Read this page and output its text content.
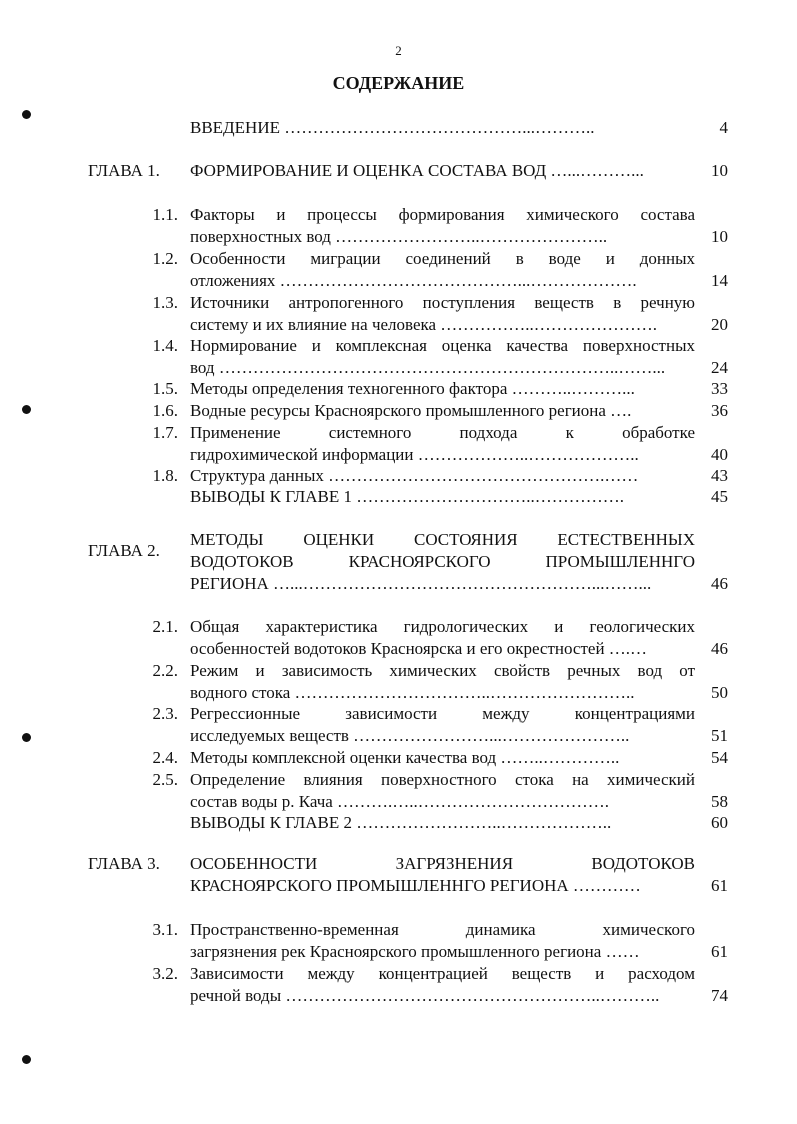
2
СОДЕРЖАНИЕ
ВВЕДЕНИЕ ……………………………………...………..	4
ГЛАВА 1. ФОРМИРОВАНИЕ И ОЦЕНКА СОСТАВА ВОД …...………...	10
1.1. Факторы и процессы формирования химического состава
поверхностных вод ……………………..…………………..	10
1.2. Особенности миграции соединений в воде и донных
отложениях ……………………………………...……………….	14
1.3. Источники антропогенного поступления веществ в речную
систему и их влияние на человека ……………..………………….	20
1.4. Нормирование и комплексная оценка качества поверхностных
вод ……………………………………………………………..……...	24
1.5. Методы определения техногенного фактора ………..………...	33
1.6. Водные ресурсы Красноярского промышленного региона ….	36
1.7. Применение системного подхода к обработке
гидрохимической информации ………………..………………..	40
1.8. Структура данных ………………………………………….……	43
ВЫВОДЫ К ГЛАВЕ 1 …………………………..…………….	45
ГЛАВА 2.
МЕТОДЫ ОЦЕНКИ СОСТОЯНИЯ ЕСТЕСТВЕННЫХ
ВОДОТОКОВ КРАСНОЯРСКОГО ПРОМЫШЛЕННГО
РЕГИОНА …...……………………………………………...……...	46
2.1. Общая характеристика гидрологических и геологических
особенностей водотоков Красноярска и его окрестностей ….…	46
2.2. Режим и зависимость химических свойств речных вод от
водного стока ……………………………..……………………..	50
2.3. Регрессионные зависимости между концентрациями
исследуемых веществ ……………………...…………………..	51
2.4. Методы комплексной оценки качества вод ……..…………..	54
2.5. Определение влияния поверхностного стока на химический
состав воды р. Кача ……….…..…………………………….	58
ВЫВОДЫ К ГЛАВЕ 2 ……………………..………………..	60
ГЛАВА 3. ОСОБЕННОСТИ ЗАГРЯЗНЕНИЯ ВОДОТОКОВ
КРАСНОЯРСКОГО ПРОМЫШЛЕННГО РЕГИОНА …………	61
3.1. Пространственно-временная динамика химического
загрязнения рек Красноярского промышленного региона ……	61
3.2. Зависимости между концентрацией веществ и расходом
речной воды ………………………………………………..………..	74
